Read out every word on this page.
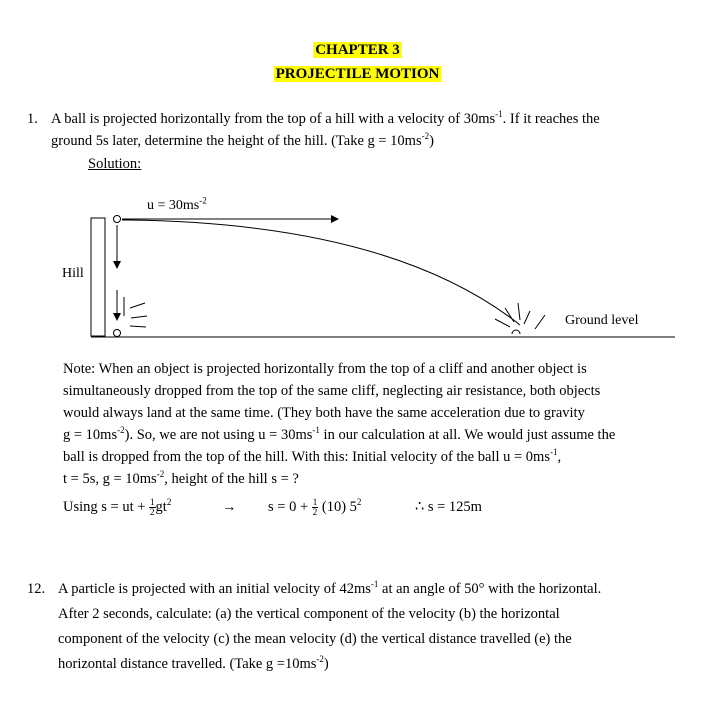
CHAPTER 3
PROJECTILE MOTION
1. A ball is projected horizontally from the top of a hill with a velocity of $30ms^{-1}$. If it reaches the
ground 5s later, determine the height of the hill. (Take $g = 10ms^{-2}$)
Solution:
$u = 30ms^{-2}$
Hill
Ground level
Note: When an object is projected horizontally from the top of a cliff and another object is
simultaneously dropped from the top of the same cliff, neglecting air resistance, both objects
would always land at the same time. (They both have the same acceleration due to gravity
$g = 10ms^{-2}$). So, we are not using $u = 30ms^{-1}$ in our calculation at all. We would just assume the
ball is dropped from the top of the hill. With this: Initial velocity of the ball $u = 0ms^{-1}$,
t = 5s, $g = 10ms^{-2}$, height of the hill s = ?
Using s = ut + $\frac{1}{2} gt^2$	→ $s = 0 + \frac{1}{2} (10)$ $5^2$	∴ s = 125m
12. A particle is projected with an initial velocity of $42ms^{-1}$ at an angle of 50° with the horizontal.
After 2 seconds, calculate: (a) the vertical component of the velocity (b) the horizontal
component of the velocity (c) the mean velocity (d) the vertical distance travelled (e) the
horizontal distance travelled. (Take $g =10ms^{-2}$)
